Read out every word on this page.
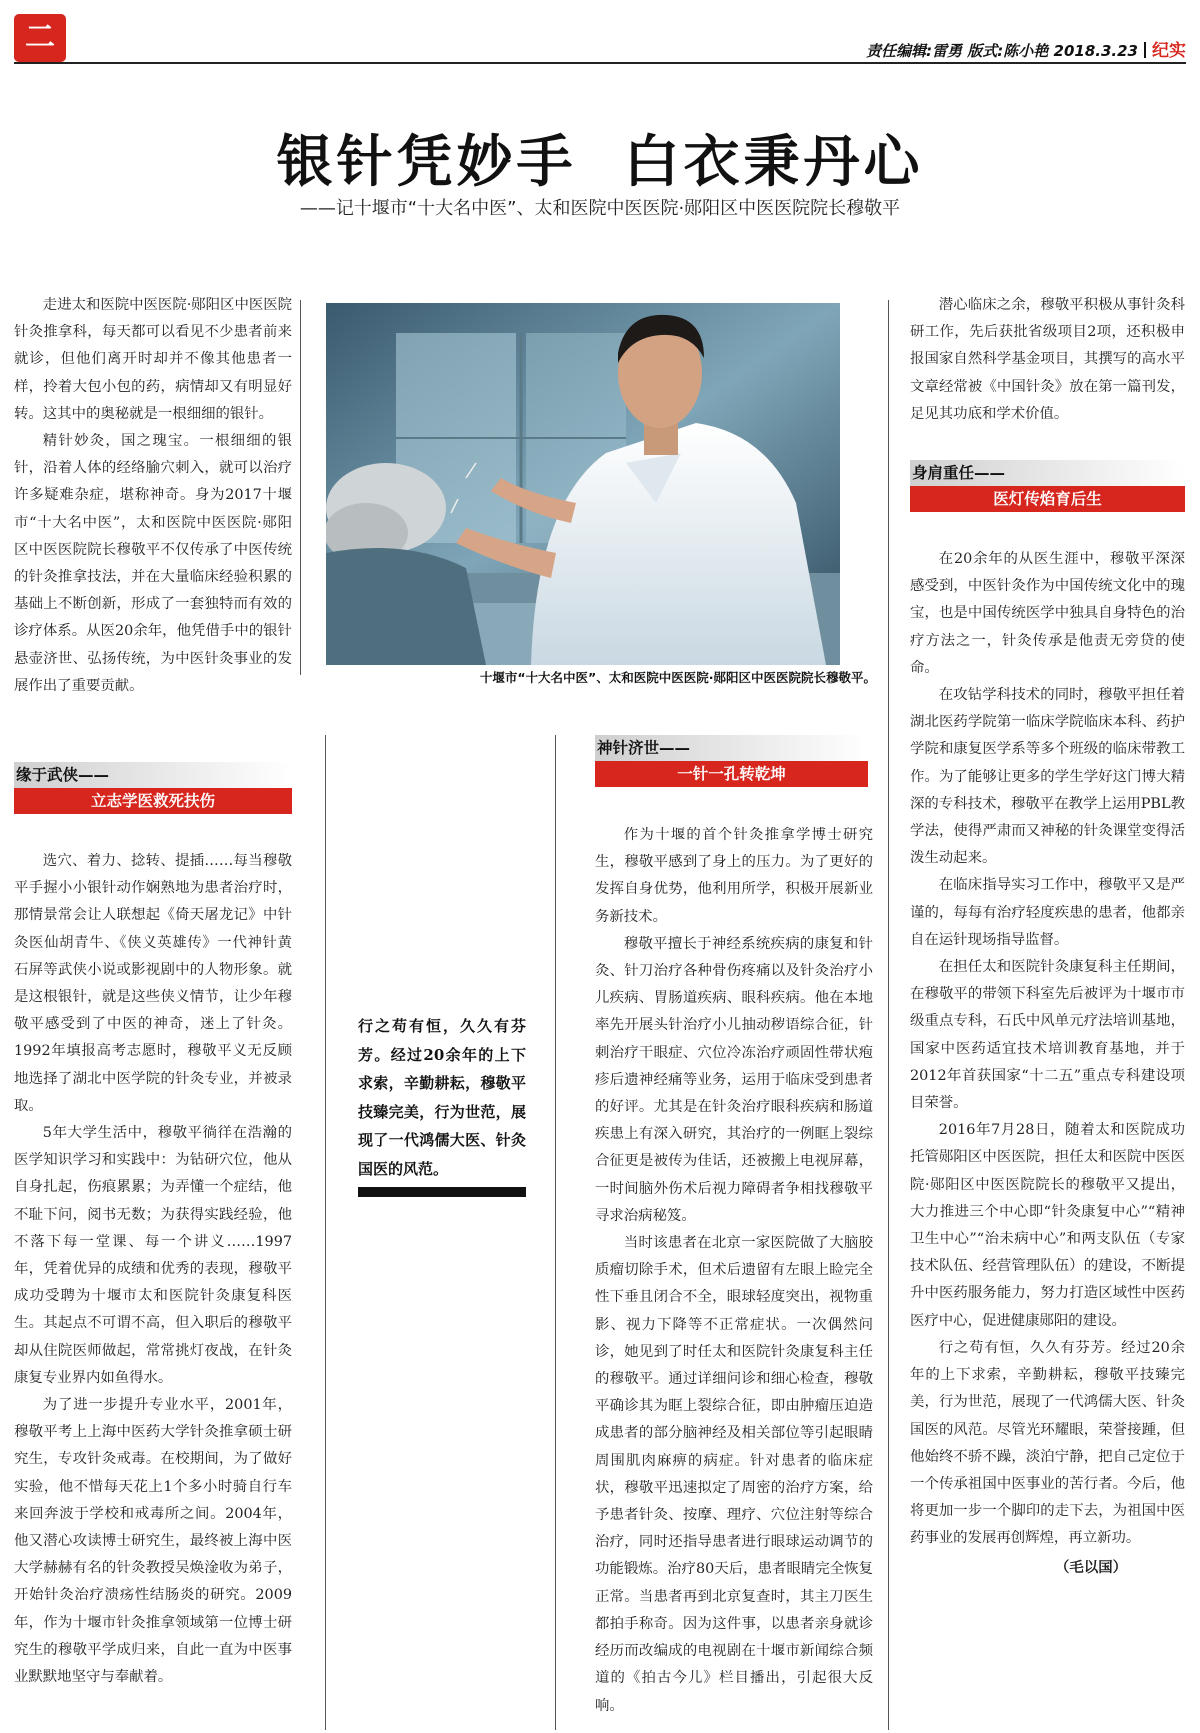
二	责任编辑:雷勇 版式:陈小艳 2018.3.23 纪实
银针凭妙手  白衣秉丹心
——记十堰市“十大名中医”、太和医院中医医院·郧阳区中医医院院长穆敬平

走进太和医院中医医院·郧阳区中医医院针灸推拿科，每天都可以看见不少患者前来就诊，但他们离开时却并不像其他患者一样，拎着大包小包的药，病情却又有明显好转。这其中的奥秘就是一根细细的银针。

精针妙灸，国之瑰宝。一根细细的银针，沿着人体的经络腧穴刺入，就可以治疗许多疑难杂症，堪称神奇。身为2017十堰市“十大名中医”，太和医院中医医院·郧阳区中医医院院长穆敬平不仅传承了中医传统的针灸推拿技法，并在大量临床经验积累的基础上不断创新，形成了一套独特而有效的诊疗体系。从医20余年，他凭借手中的银针悬壶济世、弘扬传统，为中医针灸事业的发展作出了重要贡献。

缘于武侠——
立志学医救死扶伤

选穴、着力、捻转、提插……每当穆敬平手握小小银针动作娴熟地为患者治疗时，那情景常会让人联想起《倚天屠龙记》中针灸医仙胡青牛、《侠义英雄传》一代神针黄石屏等武侠小说或影视剧中的人物形象。就是这根银针，就是这些侠义情节，让少年穆敬平感受到了中医的神奇，迷上了针灸。1992年填报高考志愿时，穆敬平义无反顾地选择了湖北中医学院的针灸专业，并被录取。

5年大学生活中，穆敬平徜徉在浩瀚的医学知识学习和实践中：为钻研穴位，他从自身扎起，伤痕累累；为弄懂一个症结，他不耻下问，阅书无数；为获得实践经验，他不落下每一堂课、每一个讲义……1997年，凭着优异的成绩和优秀的表现，穆敬平成功受聘为十堰市太和医院针灸康复科医生。其起点不可谓不高，但入职后的穆敬平却从住院医师做起，常常挑灯夜战，在针灸康复专业界内如鱼得水。

为了进一步提升专业水平，2001年，穆敬平考上上海中医药大学针灸推拿硕士研究生，专攻针灸戒毒。在校期间，为了做好实验，他不惜每天花上1个多小时骑自行车来回奔波于学校和戒毒所之间。2004年，他又潜心攻读博士研究生，最终被上海中医大学赫赫有名的针灸教授吴焕淦收为弟子，开始针灸治疗溃疡性结肠炎的研究。2009年，作为十堰市针灸推拿领域第一位博士研究生的穆敬平学成归来，自此一直为中医事业默默地坚守与奉献着。

十堰市“十大名中医”、太和医院中医医院·郧阳区中医医院院长穆敬平。
行之苟有恒，久久有芬芳。经过20余年的上下求索，辛勤耕耘，穆敬平技臻完美，行为世范，展现了一代鸿儒大医、针灸国医的风范。
神针济世——
一针一孔转乾坤

作为十堰的首个针灸推拿学博士研究生，穆敬平感到了身上的压力。为了更好的发挥自身优势，他利用所学，积极开展新业务新技术。

穆敬平擅长于神经系统疾病的康复和针灸、针刀治疗各种骨伤疼痛以及针灸治疗小儿疾病、胃肠道疾病、眼科疾病。他在本地率先开展头针治疗小儿抽动秽语综合征，针刺治疗干眼症、穴位冷冻治疗顽固性带状疱疹后遗神经痛等业务，运用于临床受到患者的好评。尤其是在针灸治疗眼科疾病和肠道疾患上有深入研究，其治疗的一例眶上裂综合征更是被传为佳话，还被搬上电视屏幕，一时间脑外伤术后视力障碍者争相找穆敬平寻求治病秘笈。

当时该患者在北京一家医院做了大脑胶质瘤切除手术，但术后遗留有左眼上睑完全性下垂且闭合不全，眼球轻度突出，视物重影、视力下降等不正常症状。一次偶然问诊，她见到了时任太和医院针灸康复科主任的穆敬平。通过详细问诊和细心检查，穆敬平确诊其为眶上裂综合征，即由肿瘤压迫造成患者的部分脑神经及相关部位等引起眼睛周围肌肉麻痹的病症。针对患者的临床症状，穆敬平迅速拟定了周密的治疗方案，给予患者针灸、按摩、理疗、穴位注射等综合治疗，同时还指导患者进行眼球运动调节的功能锻炼。治疗80天后，患者眼睛完全恢复正常。当患者再到北京复查时，其主刀医生都拍手称奇。因为这件事，以患者亲身就诊经历而改编成的电视剧在十堰市新闻综合频道的《拍古今儿》栏目播出，引起很大反响。

潜心临床之余，穆敬平积极从事针灸科研工作，先后获批省级项目2项，还积极申报国家自然科学基金项目，其撰写的高水平文章经常被《中国针灸》放在第一篇刊发，足见其功底和学术价值。

身肩重任——
医灯传焰育后生

在20余年的从医生涯中，穆敬平深深感受到，中医针灸作为中国传统文化中的瑰宝，也是中国传统医学中独具自身特色的治疗方法之一，针灸传承是他责无旁贷的使命。

在攻钻学科技术的同时，穆敬平担任着湖北医药学院第一临床学院临床本科、药护学院和康复医学系等多个班级的临床带教工作。为了能够让更多的学生学好这门博大精深的专科技术，穆敬平在教学上运用PBL教学法，使得严肃而又神秘的针灸课堂变得活泼生动起来。

在临床指导实习工作中，穆敬平又是严谨的，每每有治疗轻度疾患的患者，他都亲自在运针现场指导监督。

在担任太和医院针灸康复科主任期间，在穆敬平的带领下科室先后被评为十堰市市级重点专科，石氏中风单元疗法培训基地，国家中医药适宜技术培训教育基地，并于2012年首获国家“十二五”重点专科建设项目荣誉。

2016年7月28日，随着太和医院成功托管郧阳区中医医院，担任太和医院中医医院·郧阳区中医医院院长的穆敬平又提出，大力推进三个中心即“针灸康复中心”“精神卫生中心”“治未病中心”和两支队伍（专家技术队伍、经营管理队伍）的建设，不断提升中医药服务能力，努力打造区域性中医药医疗中心，促进健康郧阳的建设。

行之苟有恒，久久有芬芳。经过20余年的上下求索，辛勤耕耘，穆敬平技臻完美，行为世范，展现了一代鸿儒大医、针灸国医的风范。尽管光环耀眼，荣誉接踵，但他始终不骄不躁，淡泊宁静，把自己定位于一个传承祖国中医事业的苦行者。今后，他将更加一步一个脚印的走下去，为祖国中医药事业的发展再创辉煌，再立新功。

（毛以国）
